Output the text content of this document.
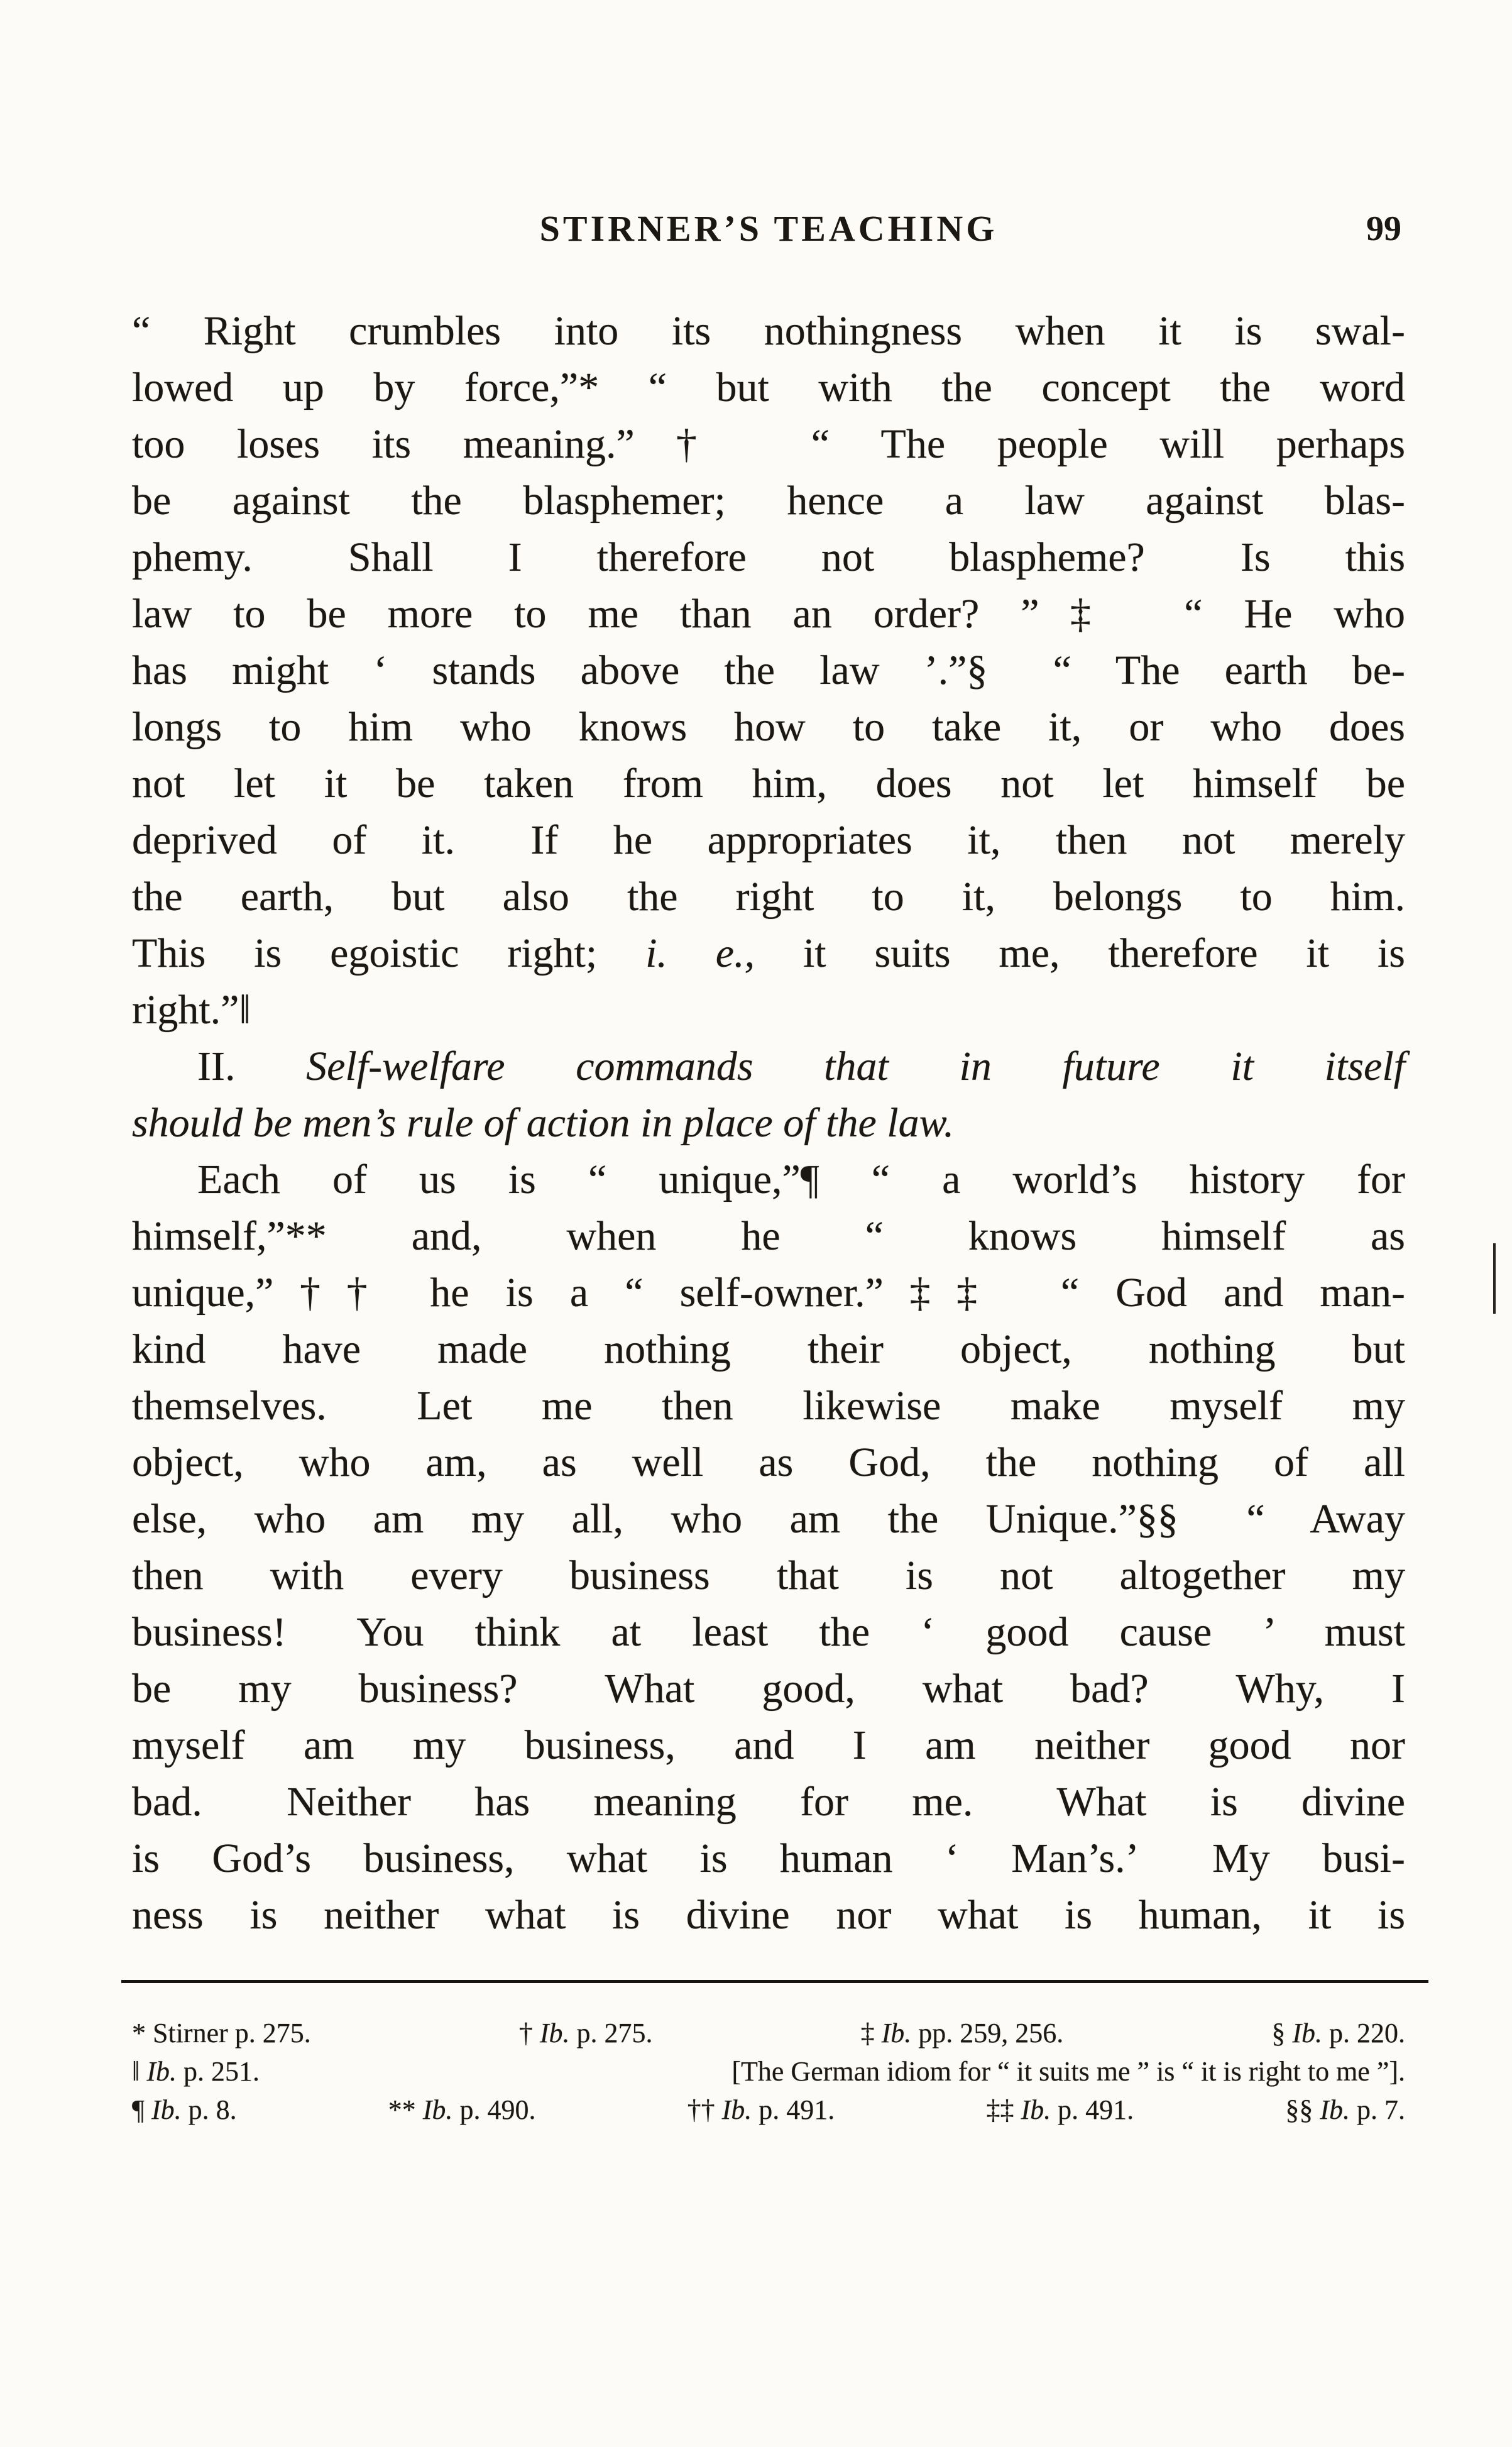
STIRNER’S TEACHING	99
“ Right crumbles into its nothingness when it is swal-
lowed up by force,”* “ but with the concept the word
too loses its meaning.”†  “ The people will perhaps
be against the blasphemer; hence a law against blas-
phemy.  Shall I therefore not blaspheme?  Is this
law to be more to me than an order? ”‡  “ He who
has might ‘ stands above the law ’.”§  “ The earth be-
longs to him who knows how to take it, or who does
not let it be taken from him, does not let himself be
deprived of it.  If he appropriates it, then not merely
the earth, but also the right to it, belongs to him.
This is egoistic right; i. e., it suits me, therefore it is
right.”‖
II. Self-welfare commands that in future it itself
should be men’s rule of action in place of the law.
Each of us is “ unique,”¶ “ a world’s history for
himself,”** and, when he “ knows himself as
unique,”†† he is a “ self-owner.”‡‡  “ God and man-
kind have made nothing their object, nothing but
themselves.  Let me then likewise make myself my
object, who am, as well as God, the nothing of all
else, who am my all, who am the Unique.”§§  “ Away
then with every business that is not altogether my
business!  You think at least the ‘ good cause ’ must
be my business?  What good, what bad?  Why, I
myself am my business, and I am neither good nor
bad.  Neither has meaning for me.  What is divine
is God’s business, what is human ‘ Man’s.’  My busi-
ness is neither what is divine nor what is human, it is
* Stirner p. 275.	† Ib. p. 275.	‡ Ib. pp. 259, 256.	§ Ib. p. 220.
‖ Ib. p. 251.	[The German idiom for “ it suits me ” is “ it is right to me ”].
¶ Ib. p. 8.	** Ib. p. 490.	†† Ib. p. 491.	‡‡ Ib. p. 491.	§§ Ib. p. 7.
